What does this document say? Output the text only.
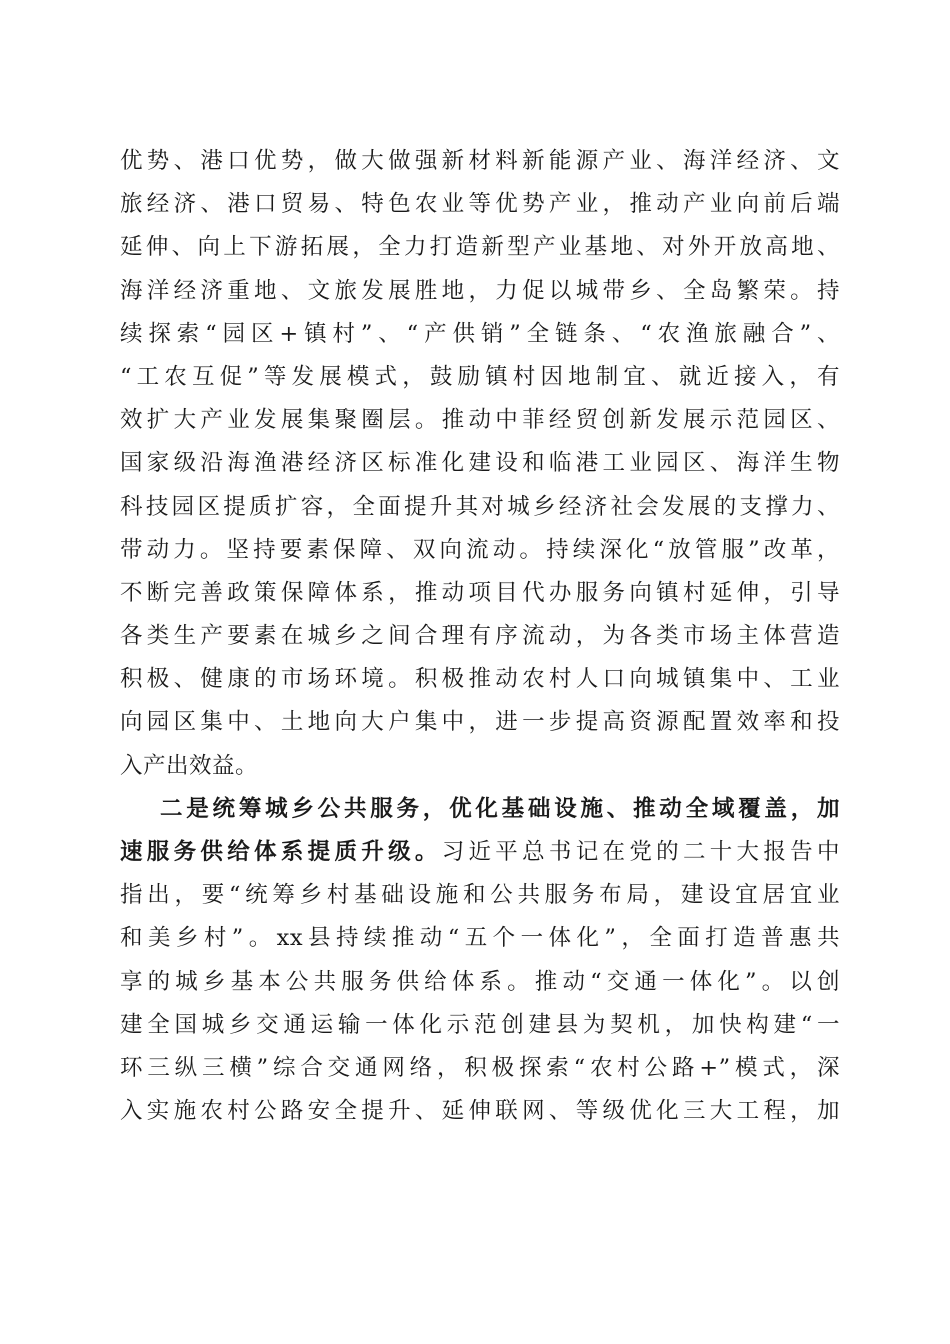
优势、港口优势，做大做强新材料新能源产业、海洋经济、文
旅经济、港口贸易、特色农业等优势产业，推动产业向前后端
延伸、向上下游拓展，全力打造新型产业基地、对外开放高地、
海洋经济重地、文旅发展胜地，力促以城带乡、全岛繁荣。持
续探索“园区+镇村”、“产供销”全链条、“农渔旅融合”、
“工农互促”等发展模式，鼓励镇村因地制宜、就近接入，有
效扩大产业发展集聚圈层。推动中菲经贸创新发展示范园区、
国家级沿海渔港经济区标准化建设和临港工业园区、海洋生物
科技园区提质扩容，全面提升其对城乡经济社会发展的支撑力、
带动力。坚持要素保障、双向流动。持续深化“放管服”改革，
不断完善政策保障体系，推动项目代办服务向镇村延伸，引导
各类生产要素在城乡之间合理有序流动，为各类市场主体营造
积极、健康的市场环境。积极推动农村人口向城镇集中、工业
向园区集中、土地向大户集中，进一步提高资源配置效率和投
入产出效益。
二是统筹城乡公共服务，优化基础设施、推动全域覆盖，加
速服务供给体系提质升级。习近平总书记在党的二十大报告中
指出，要“统筹乡村基础设施和公共服务布局，建设宜居宜业
和美乡村”。xx县持续推动“五个一体化”，全面打造普惠共
享的城乡基本公共服务供给体系。推动“交通一体化”。以创
建全国城乡交通运输一体化示范创建县为契机，加快构建“一
环三纵三横”综合交通网络，积极探索“农村公路+”模式，深
入实施农村公路安全提升、延伸联网、等级优化三大工程，加
